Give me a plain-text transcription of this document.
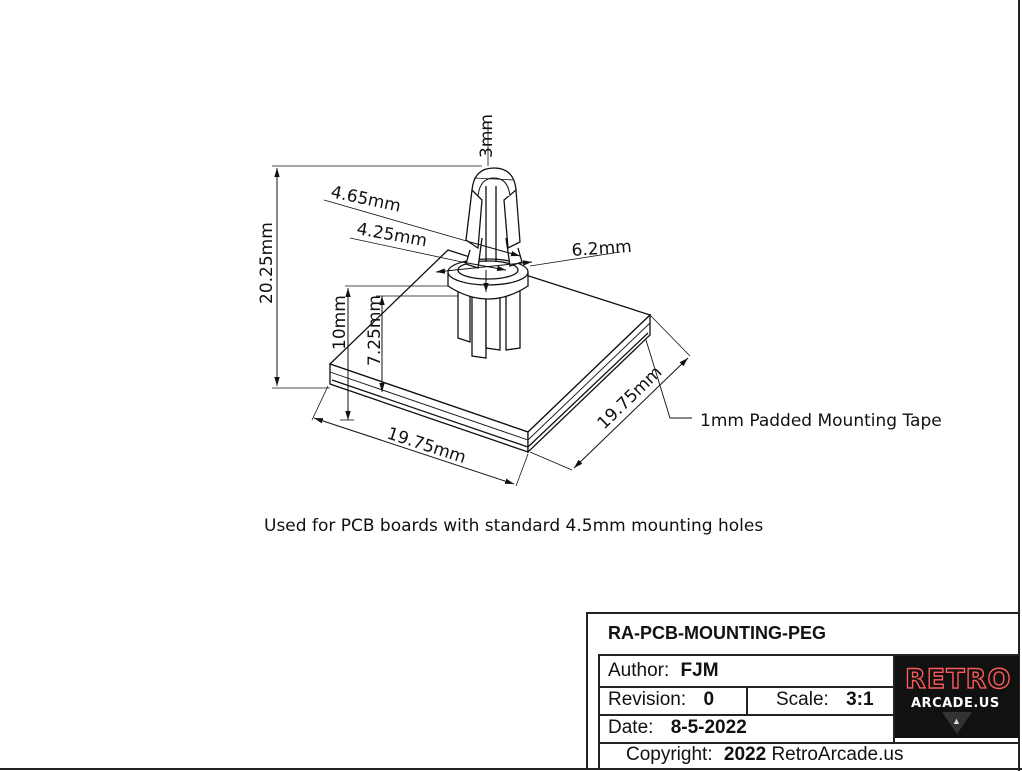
3mm
4.65mm
4.25mm	6.2mm
20.25mm
10mm 7.25mm
19.75mm
19.75mm 1mm Padded Mounting Tape
Used for PCB boards with standard 4.5mm mounting holes
RA-PCB-MOUNTING-PEG
Author: FJM
Revision: 0	Scale: 3:1
Date: 8-5-2022
Copyright: 2022 RetroArcade.us
RETRO
ARCADE.US
▲
